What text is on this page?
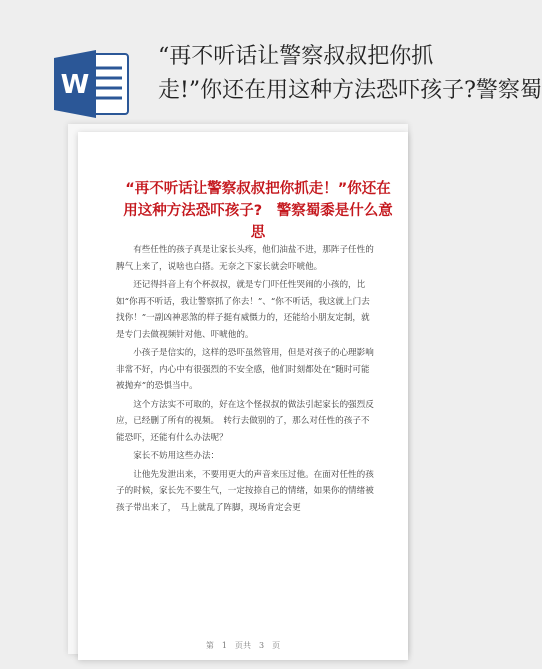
W
“再不听话让警察叔叔把你抓
走!”你还在用这种方法恐吓孩子?警察蜀
“再不听话让警察叔叔把你抓走！”你还在
用这种方法恐吓孩子?　警察蜀黍是什么意思

有些任性的孩子真是让家长头疼，他们油盐不进，那阵子任性的脾气上来了，说啥也白搭。无奈之下家长就会吓唬他。

还记得抖音上有个杯叔叔，就是专门吓任性哭闹的小孩的，比如“你再不听话，我让警察抓了你去！”、“你不听话，我这就上门去找你！”一副凶神恶煞的样子挺有威慑力的，还能给小朋友定制，就是专门去做视频针对他、吓唬他的。

小孩子是信实的，这样的恐吓虽然管用，但是对孩子的心理影响非常不好，内心中有很强烈的不安全感，他们时刻都处在“随时可能被抛弃”的恐惧当中。

这个方法实不可取的，好在这个怪叔叔的做法引起家长的强烈反应，已经删了所有的视频。　转行去做别的了，那么对任性的孩子不能恐吓，还能有什么办法呢？

家长不妨用这些办法：

让他先发泄出来，不要用更大的声音来压过他。在面对任性的孩子的时候，家长先不要生气，一定按捺自己的情绪，如果你的情绪被孩子带出来了，　马上就乱了阵脚，现场肯定会更

第　1　页共　3　页
